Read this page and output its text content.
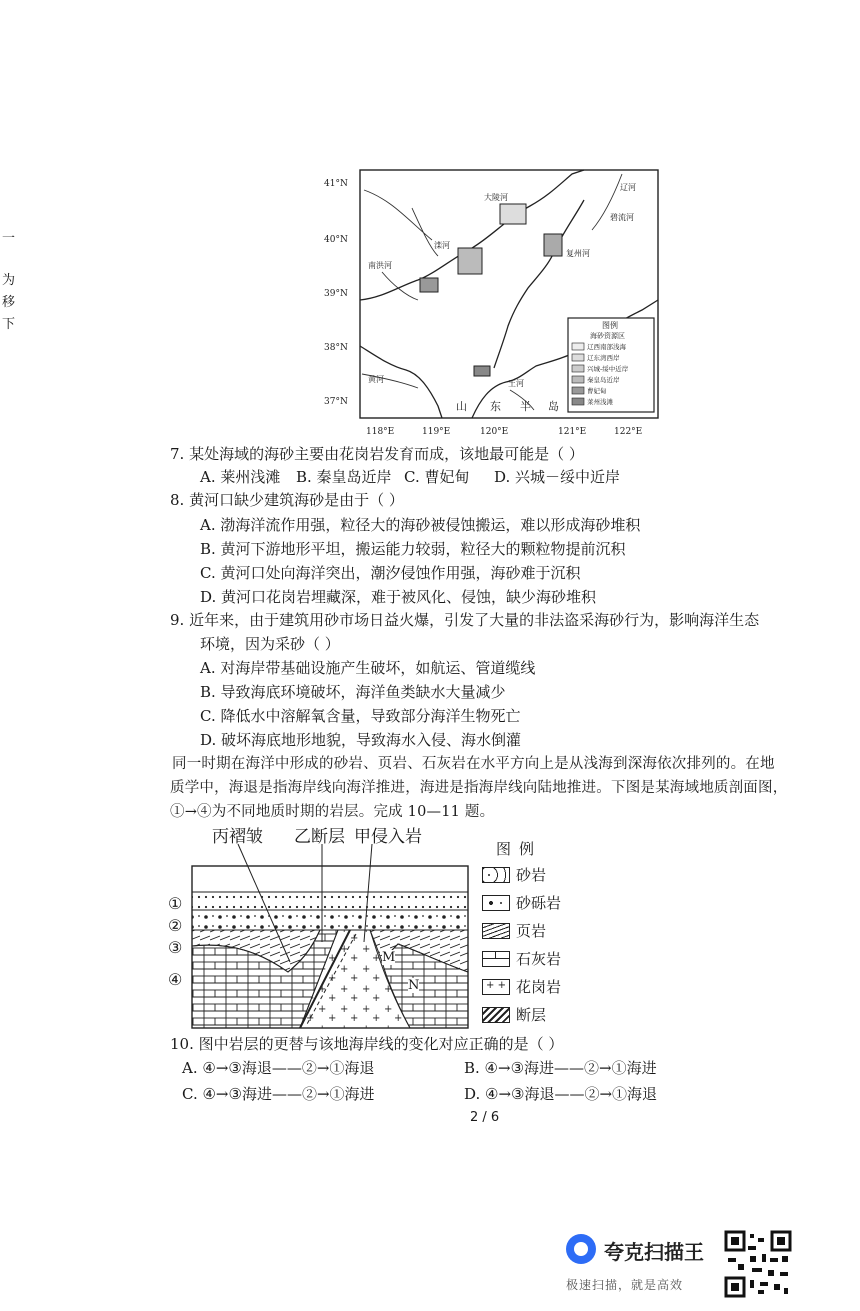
一
为
移
下
41°N
40°N
39°N
38°N
37°N
118°E	119°E	120°E	121°E	122°E
辽河
大陵河
碧流河
滦河
复州河
南洪河
黄河	王河
山 东 半 岛
图例
海砂资源区
辽西南部浅海
辽东湾西岸
兴城-绥中近岸
秦皇岛近岸
曹妃甸
莱州浅滩
7. 某处海域的海砂主要由花岗岩发育而成，该地最可能是（ ）
A. 莱州浅滩 B. 秦皇岛近岸 C. 曹妃甸 D. 兴城－绥中近岸
8. 黄河口缺少建筑海砂是由于（ ）
A. 渤海洋流作用强，粒径大的海砂被侵蚀搬运，难以形成海砂堆积
B. 黄河下游地形平坦，搬运能力较弱，粒径大的颗粒物提前沉积
C. 黄河口处向海洋突出，潮汐侵蚀作用强，海砂难于沉积
D. 黄河口花岗岩埋藏深，难于被风化、侵蚀，缺少海砂堆积
9. 近年来，由于建筑用砂市场日益火爆，引发了大量的非法盗采海砂行为，影响海洋生态
环境，因为采砂（ ）
A. 对海岸带基础设施产生破坏，如航运、管道缆线
B. 导致海底环境破坏，海洋鱼类缺水大量减少
C. 降低水中溶解氧含量，导致部分海洋生物死亡
D. 破坏海底地形地貌，导致海水入侵、海水倒灌
同一时期在海洋中形成的砂岩、页岩、石灰岩在水平方向上是从浅海到深海依次排列的。在地
质学中，海退是指海岸线向海洋推进，海进是指海岸线向陆地推进。下图是某海域地质剖面图，
①→④为不同地质时期的岩层。完成 10—11 题。
丙褶皱 乙断层 甲侵入岩
①
②
③
④
M
N
图例
砂岩
砂砾岩
页岩
石灰岩
+ + 花岗岩
断层
10. 图中岩层的更替与该地海岸线的变化对应正确的是（ ）
A. ④→③海退——②→①海退	B. ④→③海进——②→①海进
C. ④→③海进——②→①海进	D. ④→③海退——②→①海退
2 / 6
夸克扫描王
极速扫描，就是高效
